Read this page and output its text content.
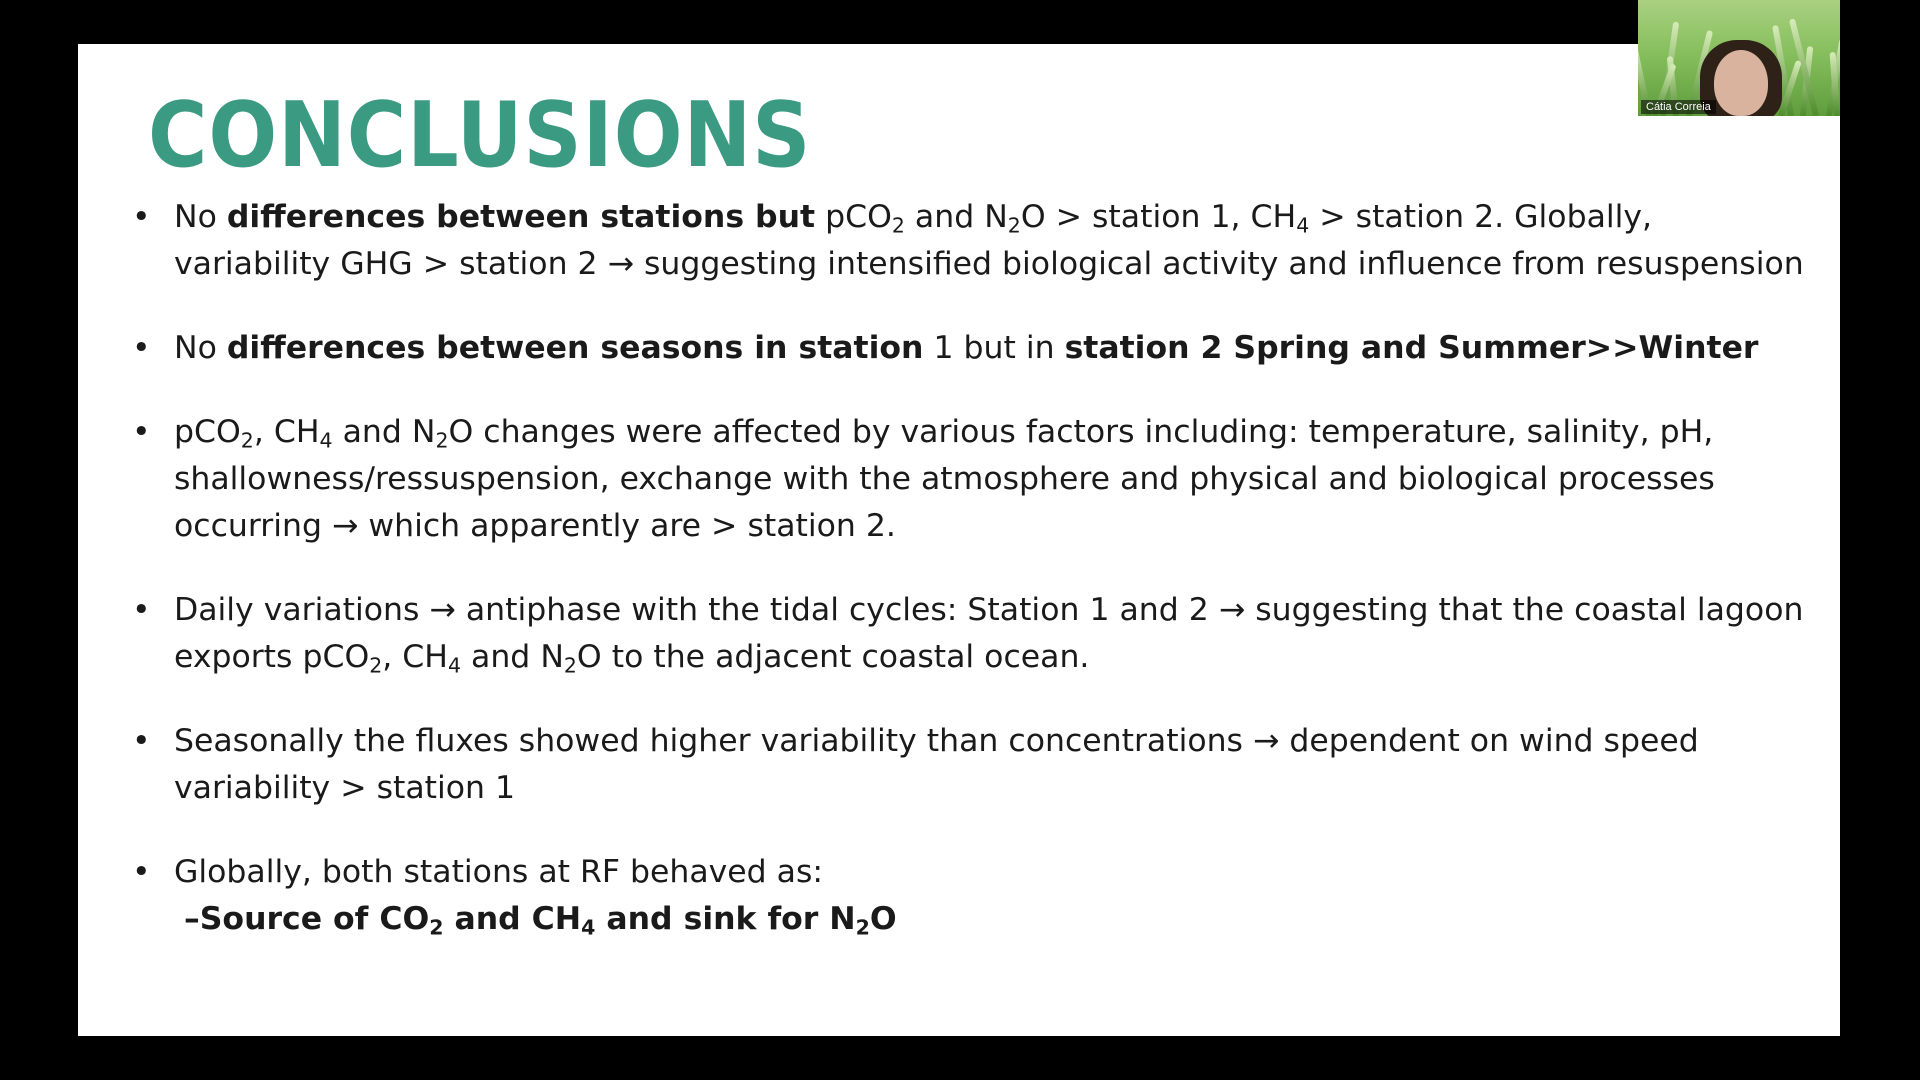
CONCLUSIONS
• No differences between stations but pCO$_2$ and $N_2O$ > station 1, $CH_4$ > station 2. Globally, variability GHG > station 2 → suggesting intensified biological activity and influence from resuspension
• No differences between seasons in station 1 but in station 2 Spring and Summer>>Winter
• pCO$_2$, $CH_4$ and $N_2O$ changes were affected by various factors including: temperature, salinity, pH, shallowness/ressuspension, exchange with the atmosphere and physical and biological processes occurring → which apparently are > station 2.
• Daily variations → antiphase with the tidal cycles: Station 1 and 2 → suggesting that the coastal lagoon exports pCO$_2$, $CH_4$ and $N_2O$ to the adjacent coastal ocean.
• Seasonally the fluxes showed higher variability than concentrations → dependent on wind speed variability > station 1
• Globally, both stations at RF behaved as:
–Source of $CO_2$ and $CH_4$ and sink for $N_2O$
Cátia Correia
